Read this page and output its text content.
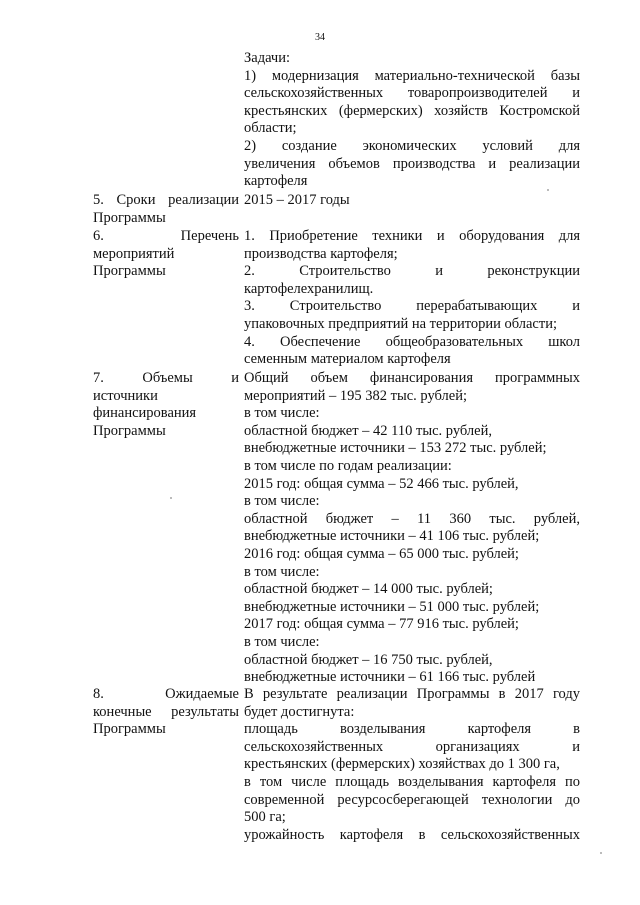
34
Задачи:
1) модернизация материально-технической базы
сельскохозяйственных товаропроизводителей и
крестьянских (фермерских) хозяйств Костромской
области;
2) создание экономических условий для
увеличения объемов производства и реализации
картофеля
5. Сроки реализации
Программы
2015 – 2017 годы
6. Перечень
мероприятий
Программы
1. Приобретение техники и оборудования для
производства картофеля;
2. Строительство и реконструкции
картофелехранилищ.
3. Строительство перерабатывающих и
упаковочных предприятий на территории области;
4. Обеспечение общеобразовательных школ
семенным материалом картофеля
7. Объемы и
источники
финансирования
Программы
Общий объем финансирования программных
мероприятий – 195 382 тыс. рублей;
в том числе:
областной бюджет – 42 110 тыс. рублей,
внебюджетные источники – 153 272 тыс. рублей;
в том числе по годам реализации:
2015 год: общая сумма – 52 466 тыс. рублей,
в том числе:
областной бюджет – 11 360 тыс. рублей,
внебюджетные источники – 41 106 тыс. рублей;
2016 год: общая сумма – 65 000 тыс. рублей;
в том числе:
областной бюджет – 14 000 тыс. рублей;
внебюджетные источники – 51 000 тыс. рублей;
2017 год: общая сумма – 77 916 тыс. рублей;
в том числе:
областной бюджет – 16 750 тыс. рублей,
внебюджетные источники – 61 166 тыс. рублей
8. Ожидаемые
конечные результаты
Программы
В результате реализации Программы в 2017 году
будет достигнута:
площадь возделывания картофеля в
сельскохозяйственных организациях и
крестьянских (фермерских) хозяйствах до 1 300 га,
в том числе площадь возделывания картофеля по
современной ресурсосберегающей технологии до
500 га;
урожайность картофеля в сельскохозяйственных
